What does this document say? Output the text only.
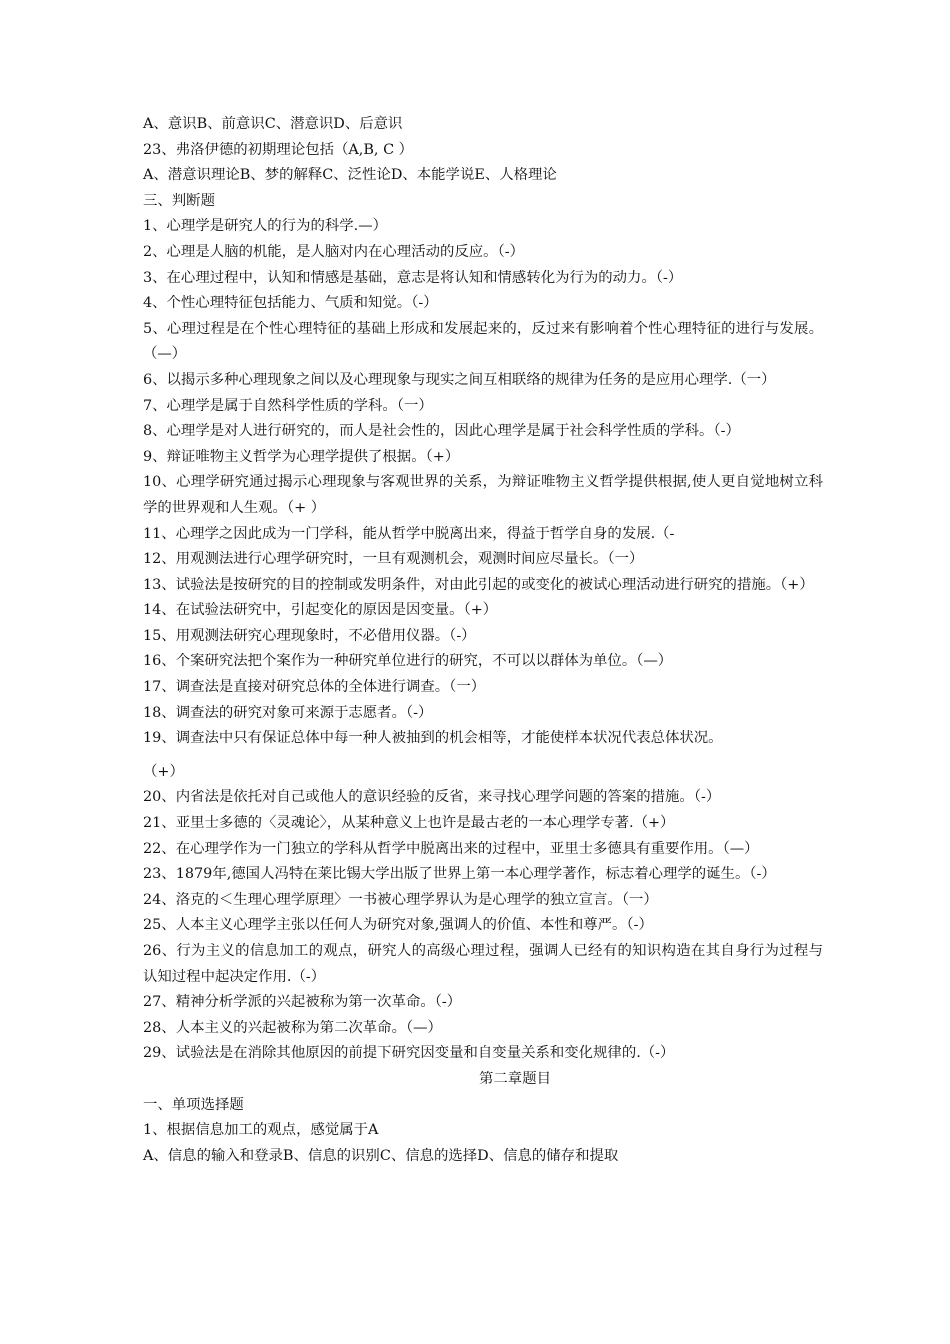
A、意识B、前意识C、潜意识D、后意识
23、弗洛伊德的初期理论包括（A,B, C ）
A、潜意识理论B、梦的解释C、泛性论D、本能学说E、人格理论
三、判断题
1、心理学是研究人的行为的科学.—）
2、心理是人脑的机能，是人脑对内在心理活动的反应。（-）
3、在心理过程中，认知和情感是基础，意志是将认知和情感转化为行为的动力。（-）
4、个性心理特征包括能力、气质和知觉。（-）
5、心理过程是在个性心理特征的基础上形成和发展起来的，反过来有影响着个性心理特征的进行与发展。（—）
6、以揭示多种心理现象之间以及心理现象与现实之间互相联络的规律为任务的是应用心理学.（一）
7、心理学是属于自然科学性质的学科。（一）
8、心理学是对人进行研究的，而人是社会性的，因此心理学是属于社会科学性质的学科。（-）
9、辩证唯物主义哲学为心理学提供了根据。（+）
10、心理学研究通过揭示心理现象与客观世界的关系，为辩证唯物主义哲学提供根据,使人更自觉地树立科学的世界观和人生观。（+ ）
11、心理学之因此成为一门学科，能从哲学中脱离出来，得益于哲学自身的发展.（-
12、用观测法进行心理学研究时，一旦有观测机会，观测时间应尽量长。（一）
13、试验法是按研究的目的控制或发明条件，对由此引起的或变化的被试心理活动进行研究的措施。（+）
14、在试验法研究中，引起变化的原因是因变量。（+）
15、用观测法研究心理现象时，不必借用仪器。（-）
16、个案研究法把个案作为一种研究单位进行的研究，不可以以群体为单位。（—）
17、调查法是直接对研究总体的全体进行调查。（一）
18、调查法的研究对象可来源于志愿者。（-）
19、调查法中只有保证总体中每一种人被抽到的机会相等，才能使样本状况代表总体状况。
（+）
20、内省法是依托对自己或他人的意识经验的反省，来寻找心理学问题的答案的措施。（-）
21、亚里士多德的〈灵魂论〉，从某种意义上也许是最古老的一本心理学专著.（+）
22、在心理学作为一门独立的学科从哲学中脱离出来的过程中，亚里士多德具有重要作用。（—）
23、1879年,德国人冯特在莱比锡大学出版了世界上第一本心理学著作，标志着心理学的诞生。（-）
24、洛克的＜生理心理学原理〉一书被心理学界认为是心理学的独立宣言。（一）
25、人本主义心理学主张以任何人为研究对象,强调人的价值、本性和尊严。（-）
26、行为主义的信息加工的观点，研究人的高级心理过程，强调人已经有的知识构造在其自身行为过程与认知过程中起决定作用.（-）
27、精神分析学派的兴起被称为第一次革命。（-）
28、人本主义的兴起被称为第二次革命。（—）
29、试验法是在消除其他原因的前提下研究因变量和自变量关系和变化规律的.（-）
第二章题目
一、单项选择题
1、根据信息加工的观点，感觉属于A
A、信息的输入和登录B、信息的识别C、信息的选择D、信息的储存和提取
